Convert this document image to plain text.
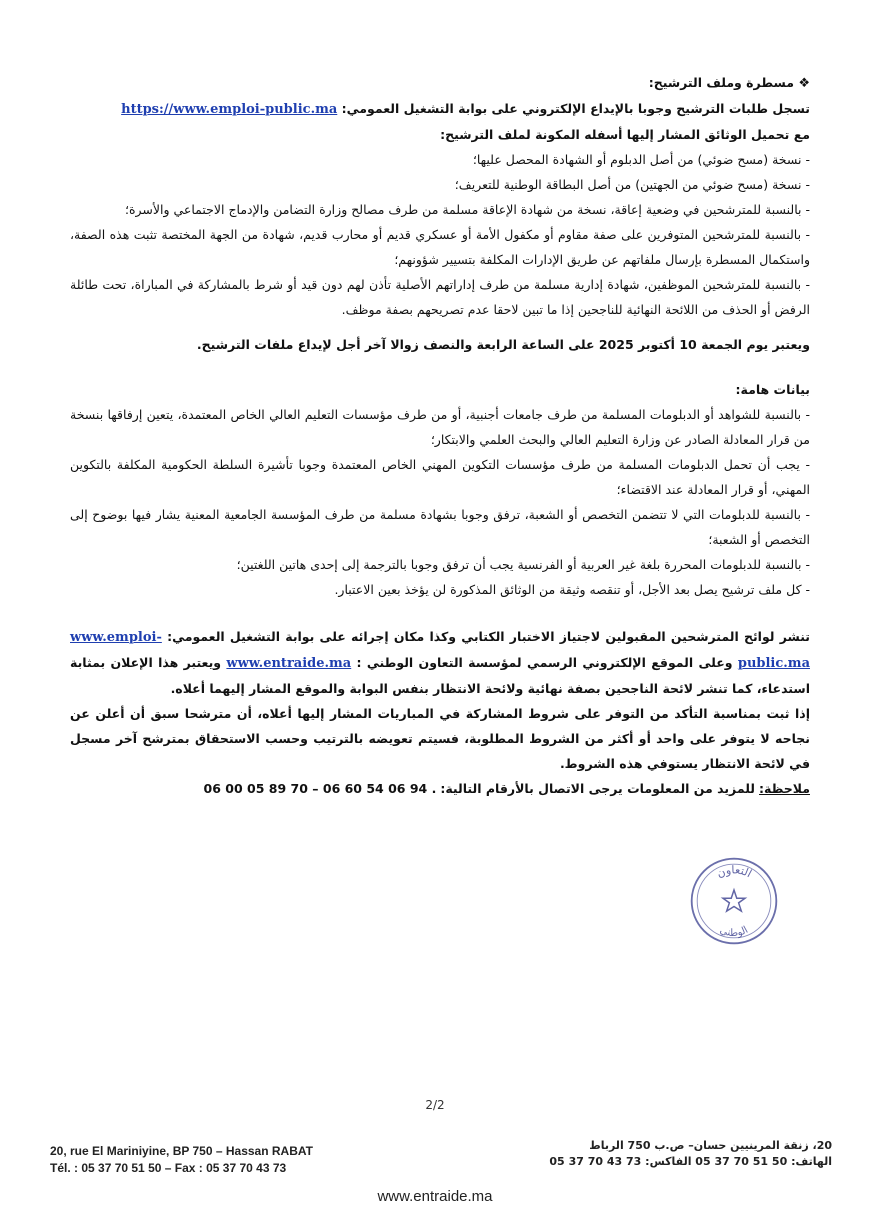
❖ مسطرة وملف الترشيح:

تسجل طلبات الترشيح وجوبا بالإيداع الإلكتروني على بوابة التشغيل العمومي: https://www.emploi-public.ma

مع تحميل الوثائق المشار إليها أسفله المكونة لملف الترشيح:

- نسخة (مسح ضوئي) من أصل الدبلوم أو الشهادة المحصل عليها؛

- نسخة (مسح ضوئي من الجهتين) من أصل البطاقة الوطنية للتعريف؛

- بالنسبة للمترشحين في وضعية إعاقة، نسخة من شهادة الإعاقة مسلمة من طرف مصالح وزارة التضامن والإدماج الاجتماعي والأسرة؛

- بالنسبة للمترشحين المتوفرين على صفة مقاوم أو مكفول الأمة أو عسكري قديم أو محارب قديم، شهادة من الجهة المختصة تثبت هذه الصفة، واستكمال المسطرة بإرسال ملفاتهم عن طريق الإدارات المكلفة بتسيير شؤونهم؛

- بالنسبة للمترشحين الموظفين، شهادة إدارية مسلمة من طرف إداراتهم الأصلية تأذن لهم دون قيد أو شرط بالمشاركة في المباراة، تحت طائلة الرفض أو الحذف من اللائحة النهائية للناجحين إذا ما تبين لاحقا عدم تصريحهم بصفة موظف.

ويعتبر يوم الجمعة 10 أكتوبر 2025 على الساعة الرابعة والنصف زوالا آخر أجل لإيداع ملفات الترشيح.

بيانات هامة:

- بالنسبة للشواهد أو الدبلومات المسلمة من طرف جامعات أجنبية، أو من طرف مؤسسات التعليم العالي الخاص المعتمدة، يتعين إرفاقها بنسخة من قرار المعادلة الصادر عن وزارة التعليم العالي والبحث العلمي والابتكار؛

- يجب أن تحمل الدبلومات المسلمة من طرف مؤسسات التكوين المهني الخاص المعتمدة وجوبا تأشيرة السلطة الحكومية المكلفة بالتكوين المهني، أو قرار المعادلة عند الاقتضاء؛

- بالنسبة للدبلومات التي لا تتضمن التخصص أو الشعبة، ترفق وجوبا بشهادة مسلمة من طرف المؤسسة الجامعية المعنية يشار فيها بوضوح إلى التخصص أو الشعبة؛

- بالنسبة للدبلومات المحررة بلغة غير العربية أو الفرنسية يجب أن ترفق وجوبا بالترجمة إلى إحدى هاتين اللغتين؛

- كل ملف ترشيح يصل بعد الأجل، أو تنقصه وثيقة من الوثائق المذكورة لن يؤخذ بعين الاعتبار.

تنشر لوائح المترشحين المقبولين لاجتياز الاختبار الكتابي وكذا مكان إجرائه على بوابة التشغيل العمومي: www.emploi-public.ma وعلى الموقع الإلكتروني الرسمي لمؤسسة التعاون الوطني : www.entraide.ma ويعتبر هذا الإعلان بمثابة استدعاء، كما تنشر لائحة الناجحين بصفة نهائية ولائحة الانتظار بنفس البوابة والموقع المشار إليهما أعلاه.

إذا ثبت بمناسبة التأكد من التوفر على شروط المشاركة في المباريات المشار إليها أعلاه، أن مترشحا سبق أن أعلن عن نجاحه لا يتوفر على واحد أو أكثر من الشروط المطلوبة، فسيتم تعويضه بالترتيب وحسب الاستحقاق بمترشح آخر مسجل في لائحة الانتظار يستوفي هذه الشروط.

ملاحظة: للمزيد من المعلومات يرجى الاتصال بالأرقام التالية: 06 00 05 89 70 – 06 60 54 06 94 .

التعاون
الوطني
2/2
20, rue El Mariniyine, BP 750 – Hassan RABAT
Tél. : 05 37 70 51 50 – Fax : 05 37 70 43 73
20، زنقة المرينيين حسان– ص.ب 750 الرباط
الهاتف: 50 51 70 37 05 الفاكس: 73 43 70 37 05
www.entraide.ma
